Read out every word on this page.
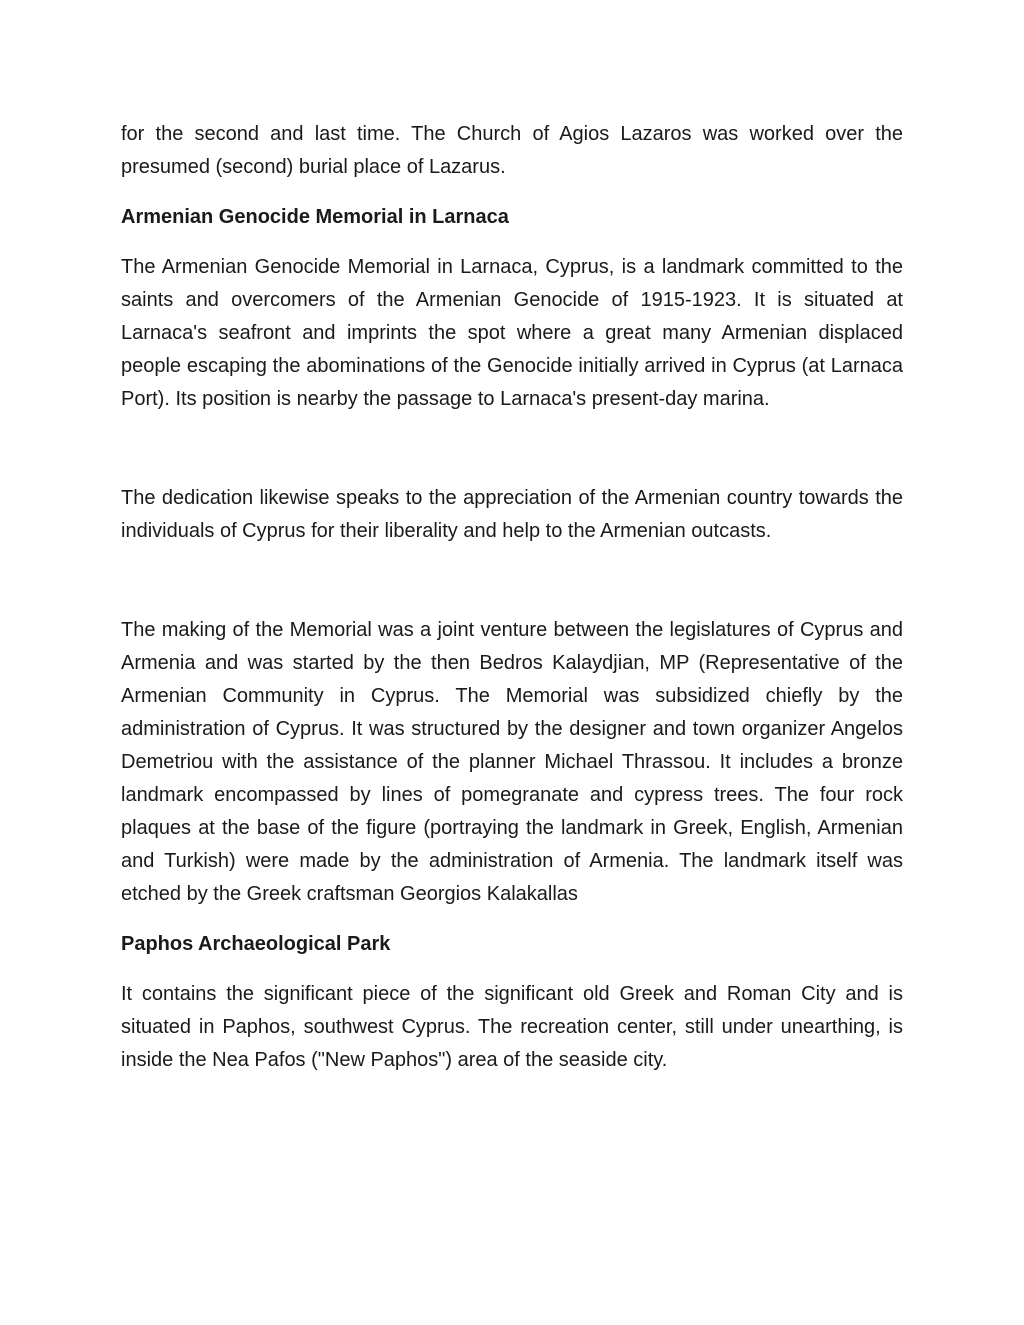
for the second and last time. The Church of Agios Lazaros was worked over the presumed (second) burial place of Lazarus.

Armenian Genocide Memorial in Larnaca

The Armenian Genocide Memorial in Larnaca, Cyprus, is a landmark committed to the saints and overcomers of the Armenian Genocide of 1915-1923. It is situated at Larnaca's seafront and imprints the spot where a great many Armenian displaced people escaping the abominations of the Genocide initially arrived in Cyprus (at Larnaca Port). Its position is nearby the passage to Larnaca's present-day marina.

The dedication likewise speaks to the appreciation of the Armenian country towards the individuals of Cyprus for their liberality and help to the Armenian outcasts.

The making of the Memorial was a joint venture between the legislatures of Cyprus and Armenia and was started by the then Bedros Kalaydjian, MP (Representative of the Armenian Community in Cyprus. The Memorial was subsidized chiefly by the administration of Cyprus. It was structured by the designer and town organizer Angelos Demetriou with the assistance of the planner Michael Thrassou. It includes a bronze landmark encompassed by lines of pomegranate and cypress trees. The four rock plaques at the base of the figure (portraying the landmark in Greek, English, Armenian and Turkish) were made by the administration of Armenia. The landmark itself was etched by the Greek craftsman Georgios Kalakallas

Paphos Archaeological Park

It contains the significant piece of the significant old Greek and Roman City and is situated in Paphos, southwest Cyprus. The recreation center, still under unearthing, is inside the Nea Pafos ("New Paphos") area of the seaside city.
